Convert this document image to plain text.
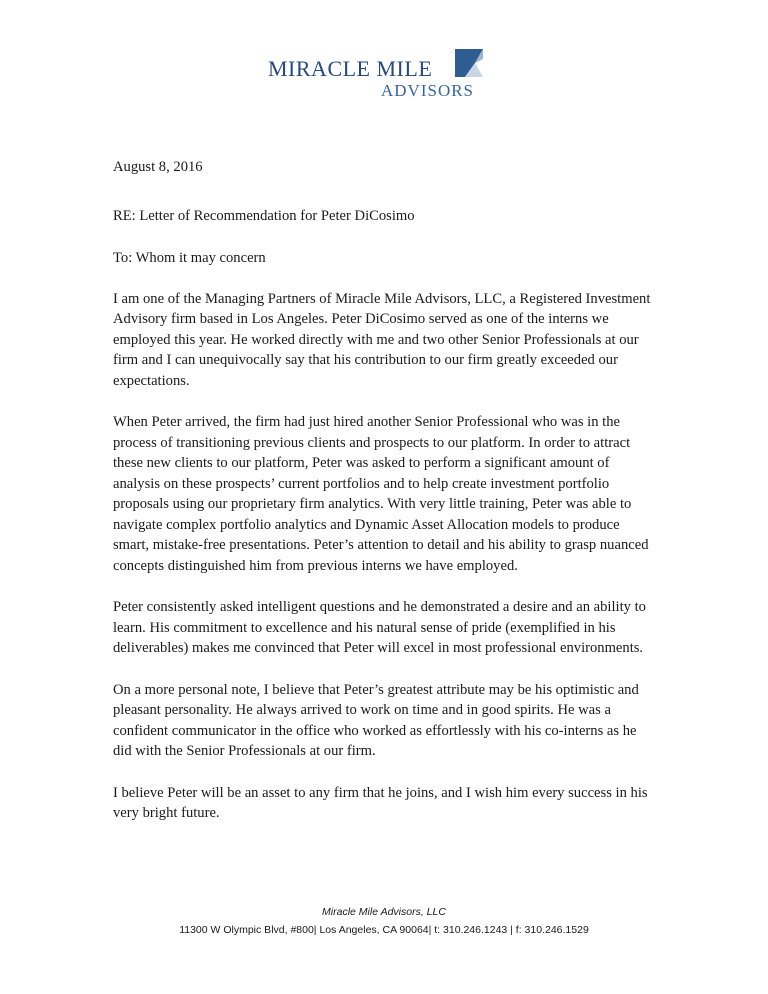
MIRACLE MILE
ADVISORS

August 8, 2016

RE: Letter of Recommendation for Peter DiCosimo

To: Whom it may concern

I am one of the Managing Partners of Miracle Mile Advisors, LLC, a Registered Investment Advisory firm based in Los Angeles. Peter DiCosimo served as one of the interns we employed this year. He worked directly with me and two other Senior Professionals at our firm and I can unequivocally say that his contribution to our firm greatly exceeded our expectations.

When Peter arrived, the firm had just hired another Senior Professional who was in the process of transitioning previous clients and prospects to our platform. In order to attract these new clients to our platform, Peter was asked to perform a significant amount of analysis on these prospects’ current portfolios and to help create investment portfolio proposals using our proprietary firm analytics. With very little training, Peter was able to navigate complex portfolio analytics and Dynamic Asset Allocation models to produce smart, mistake-free presentations. Peter’s attention to detail and his ability to grasp nuanced concepts distinguished him from previous interns we have employed.

Peter consistently asked intelligent questions and he demonstrated a desire and an ability to learn. His commitment to excellence and his natural sense of pride (exemplified in his deliverables) makes me convinced that Peter will excel in most professional environments.

On a more personal note, I believe that Peter’s greatest attribute may be his optimistic and pleasant personality. He always arrived to work on time and in good spirits. He was a confident communicator in the office who worked as effortlessly with his co-interns as he did with the Senior Professionals at our firm.

I believe Peter will be an asset to any firm that he joins, and I wish him every success in his very bright future.

Miracle Mile Advisors, LLC
11300 W Olympic Blvd, #800| Los Angeles, CA 90064| t: 310.246.1243 | f: 310.246.1529
